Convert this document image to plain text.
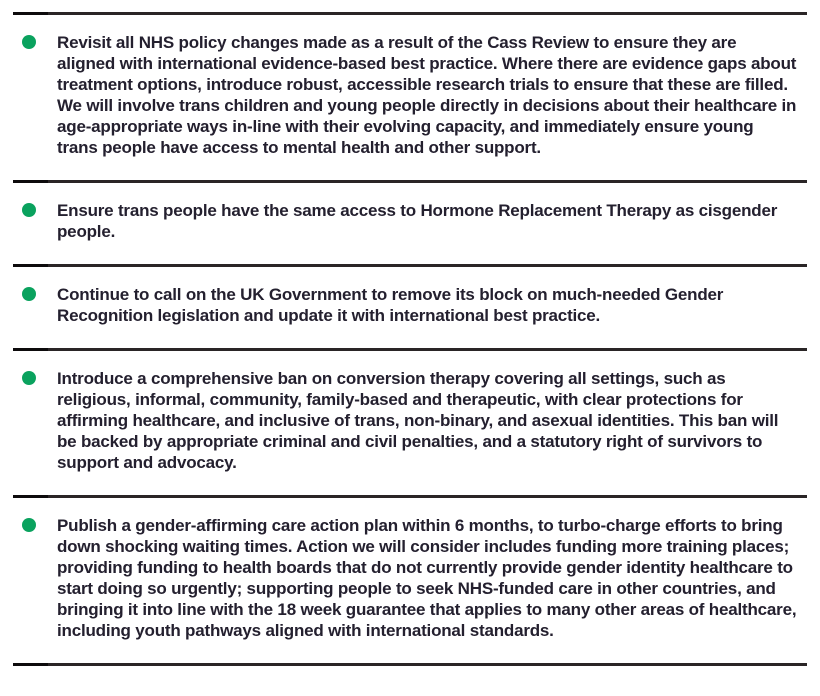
Revisit all NHS policy changes made as a result of the Cass Review to ensure they are aligned with international evidence-based best practice. Where there are evidence gaps about treatment options, introduce robust, accessible research trials to ensure that these are filled. We will involve trans children and young people directly in decisions about their healthcare in age-appropriate ways in-line with their evolving capacity, and immediately ensure young trans people have access to mental health and other support.

Ensure trans people have the same access to Hormone Replacement Therapy as cisgender people.

Continue to call on the UK Government to remove its block on much-needed Gender Recognition legislation and update it with international best practice.

Introduce a comprehensive ban on conversion therapy covering all settings, such as religious, informal, community, family-based and therapeutic, with clear protections for affirming healthcare, and inclusive of trans, non-binary, and asexual identities. This ban will be backed by appropriate criminal and civil penalties, and a statutory right of survivors to support and advocacy.

Publish a gender-affirming care action plan within 6 months, to turbo-charge efforts to bring down shocking waiting times. Action we will consider includes funding more training places; providing funding to health boards that do not currently provide gender identity healthcare to start doing so urgently; supporting people to seek NHS-funded care in other countries, and bringing it into line with the 18 week guarantee that applies to many other areas of healthcare, including youth pathways aligned with international standards.
